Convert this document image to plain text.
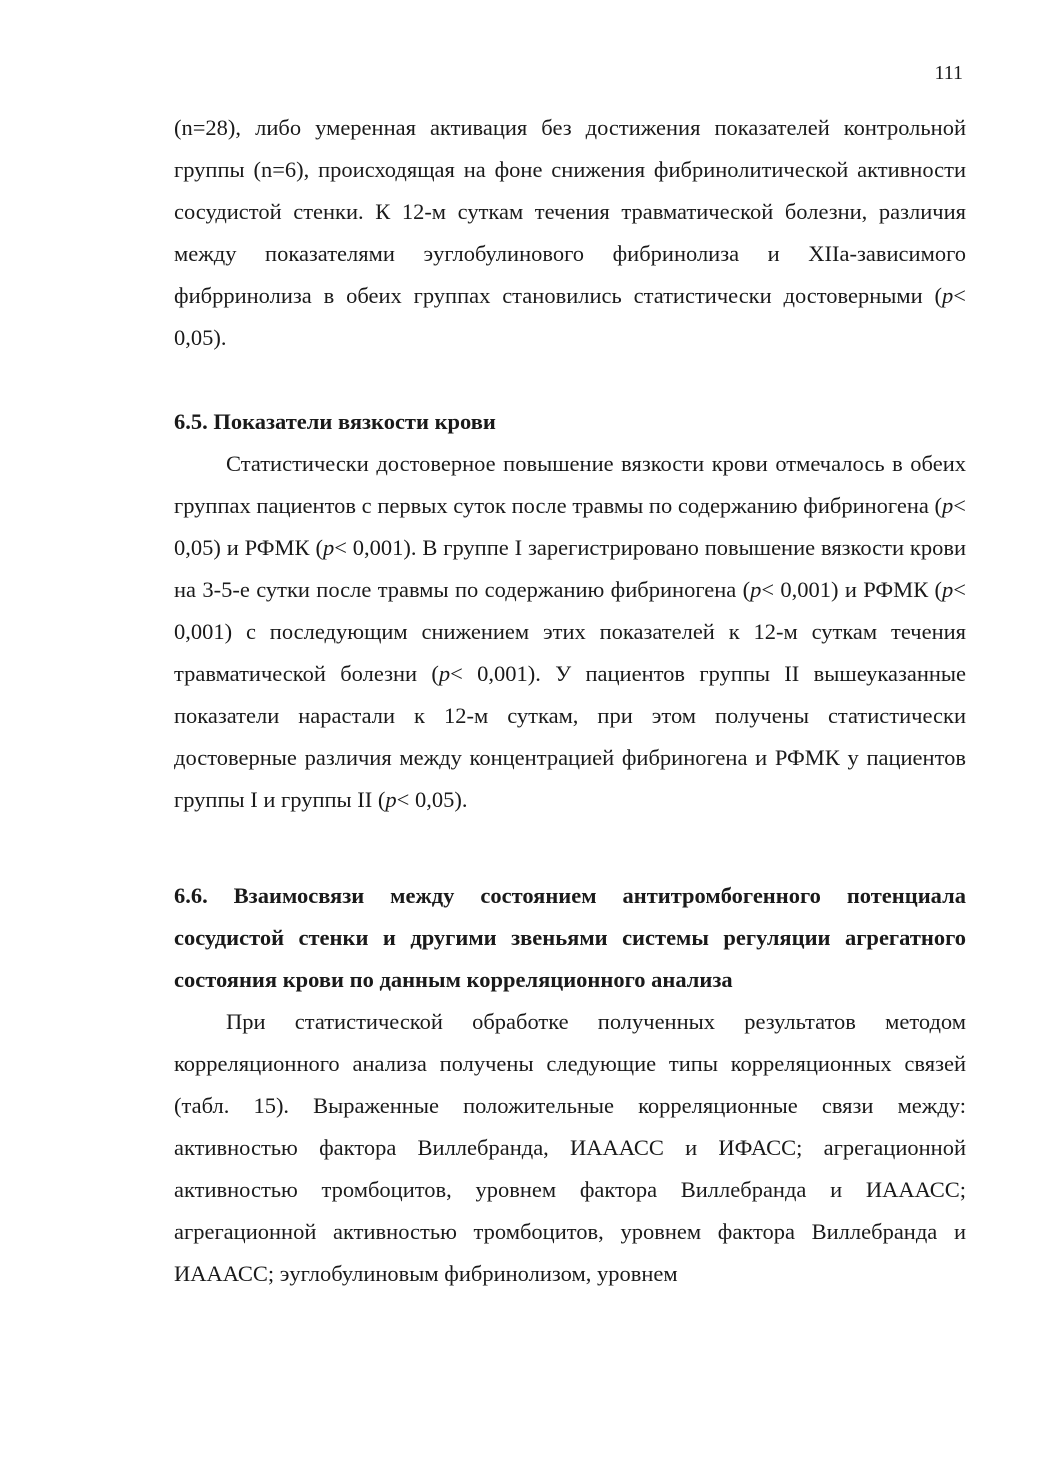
111

(n=28), либо умеренная активация без достижения показателей контрольной группы (n=6), происходящая на фоне снижения фибринолитической активности сосудистой стенки. К 12-м суткам течения травматической болезни, различия между показателями эуглобулинового фибринолиза и XIIa-зависимого фибрринолиза в обеих группах становились статистически достоверными (p< 0,05).

6.5. Показатели вязкости крови

Статистически достоверное повышение вязкости крови отмечалось в обеих группах пациентов с первых суток после травмы по содержанию фибриногена (p< 0,05) и РФМК (p< 0,001). В группе I зарегистрировано повышение вязкости крови на 3-5-е сутки после травмы по содержанию фибриногена (p< 0,001) и РФМК (p< 0,001) с последующим снижением этих показателей к 12-м суткам течения травматической болезни (p< 0,001). У пациентов группы II вышеуказанные показатели нарастали к 12-м суткам, при этом получены статистически достоверные различия между концентрацией фибриногена и РФМК у пациентов группы I и группы II (p< 0,05).

6.6. Взаимосвязи между состоянием антитромбогенного потенциала сосудистой стенки и другими звеньями системы регуляции агрегатного состояния крови по данным корреляционного анализа

При статистической обработке полученных результатов методом корреляционного анализа получены следующие типы корреляционных связей (табл. 15). Выраженные положительные корреляционные связи между: активностью фактора Виллебранда, ИАААСС и ИФАСС; агрегационной активностью тромбоцитов, уровнем фактора Виллебранда и ИАААСС; агрегационной активностью тромбоцитов, уровнем фактора Виллебранда и ИАААСС; эуглобулиновым фибринолизом, уровнем
